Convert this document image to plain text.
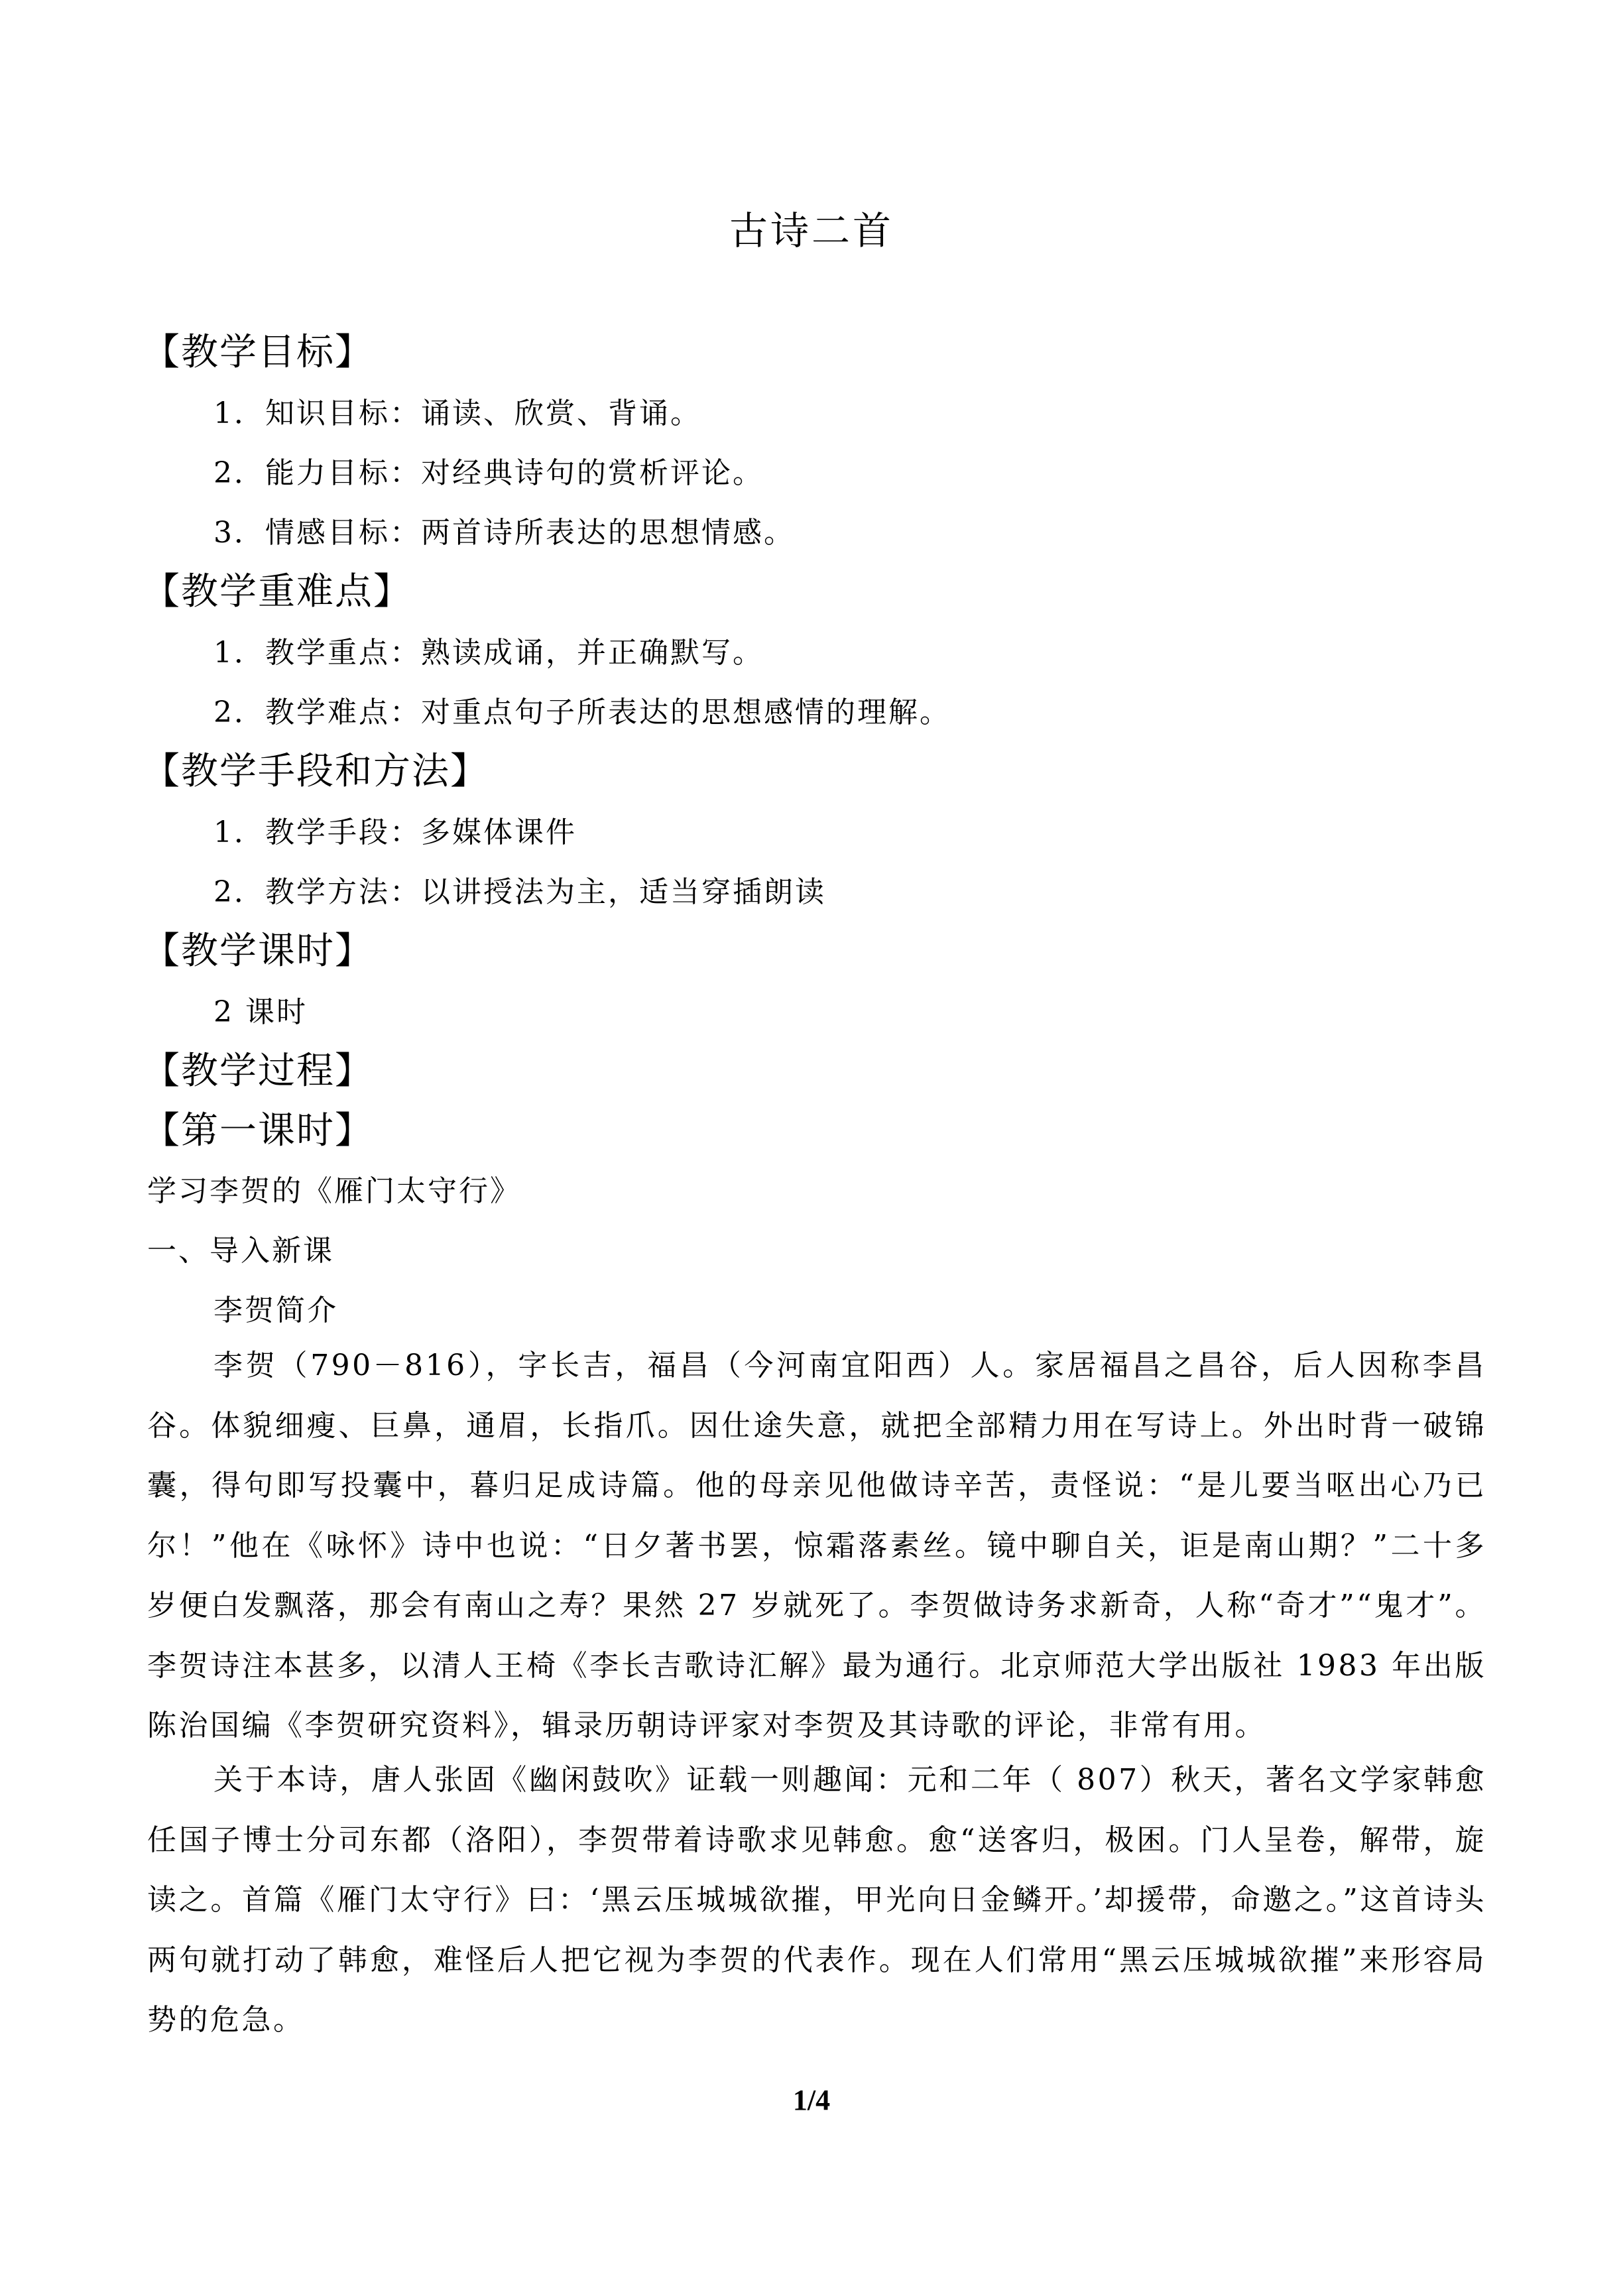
古诗二首
【教学目标】
1．知识目标：诵读、欣赏、背诵。
2．能力目标：对经典诗句的赏析评论。
3．情感目标：两首诗所表达的思想情感。
【教学重难点】
1．教学重点：熟读成诵，并正确默写。
2．教学难点：对重点句子所表达的思想感情的理解。
【教学手段和方法】
1．教学手段：多媒体课件
2．教学方法：以讲授法为主，适当穿插朗读
【教学课时】
2 课时
【教学过程】
【第一课时】
学习李贺的《雁门太守行》
一、导入新课
李贺简介

李贺（790－816），字长吉，福昌（今河南宜阳西）人。家居福昌之昌谷，后人因称李昌谷。体貌细瘦、巨鼻，通眉，长指爪。因仕途失意，就把全部精力用在写诗上。外出时背一破锦囊，得句即写投囊中，暮归足成诗篇。他的母亲见他做诗辛苦，责怪说：“是儿要当呕出心乃已尔！”他在《咏怀》诗中也说：“日夕著书罢，惊霜落素丝。镜中聊自关，讵是南山期？”二十多岁便白发飘落，那会有南山之寿？果然 27 岁就死了。李贺做诗务求新奇，人称“奇才”“鬼才”。李贺诗注本甚多，以清人王椅《李长吉歌诗汇解》最为通行。北京师范大学出版社 1983 年出版陈治国编《李贺研究资料》，辑录历朝诗评家对李贺及其诗歌的评论，非常有用。

关于本诗，唐人张固《幽闲鼓吹》证载一则趣闻：元和二年（ 807）秋天，著名文学家韩愈任国子博士分司东都（洛阳），李贺带着诗歌求见韩愈。愈“送客归，极困。门人呈卷，解带，旋读之。首篇《雁门太守行》曰：‘黑云压城城欲摧，甲光向日金鳞开。’却援带，命邀之。”这首诗头两句就打动了韩愈，难怪后人把它视为李贺的代表作。现在人们常用“黑云压城城欲摧”来形容局势的危急。

1/4
